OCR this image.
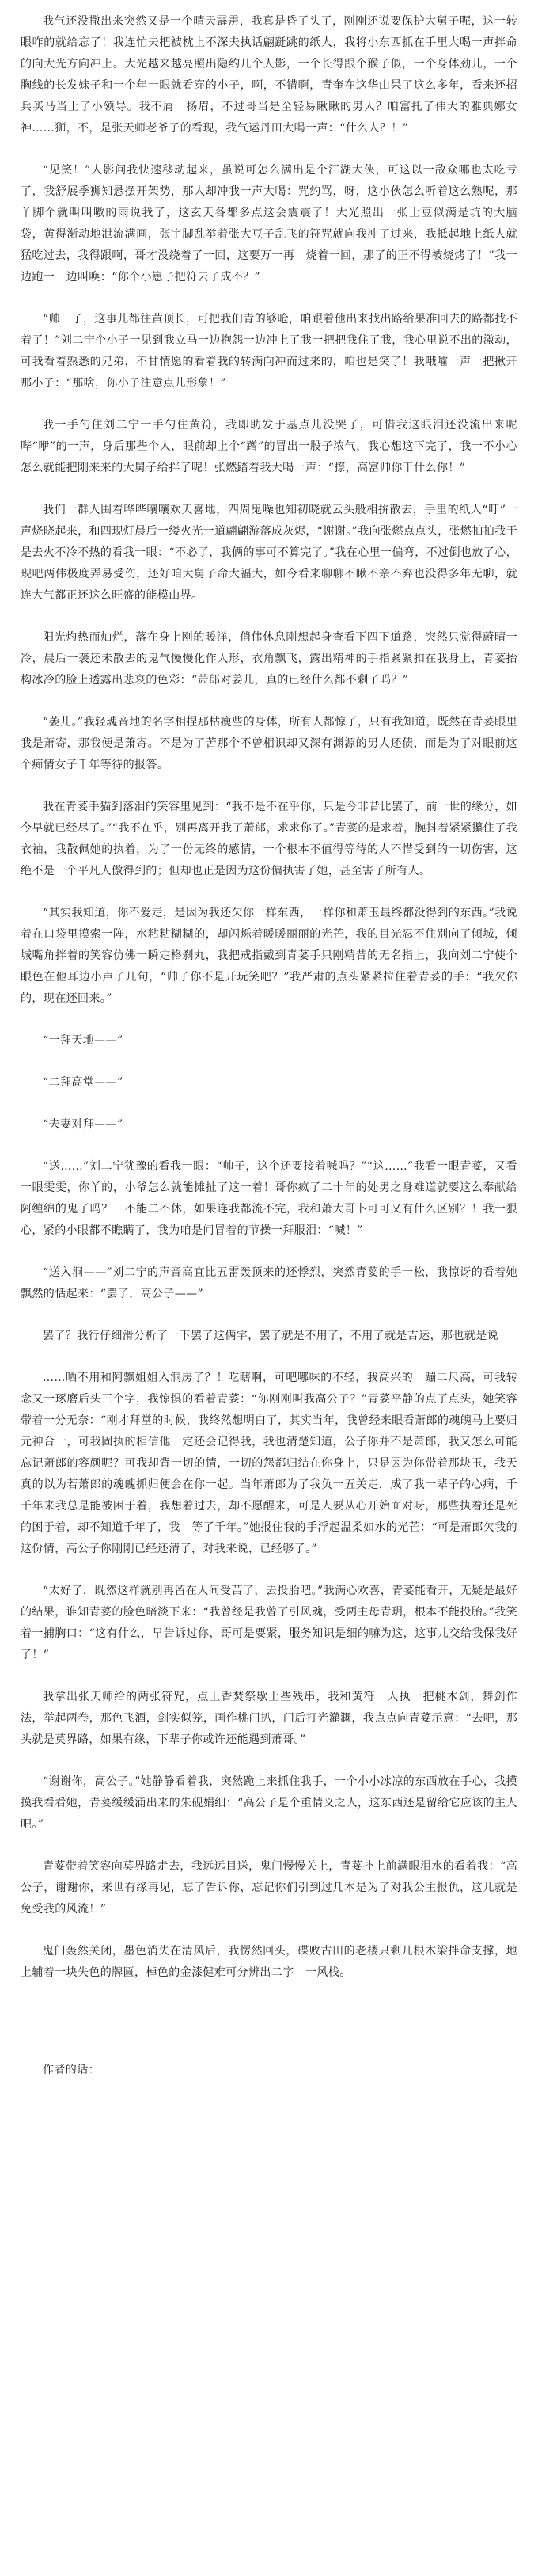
我气还没撒出来突然又是一个晴天霹雳，我真是昏了头了，刚刚还说要保护大舅子呢，这一转眼咋的就给忘了！我连忙夫把被枕上不深夫执话翩跹跳的纸人，我将小东西抓在手里大喝一声拌命的向大光方向冲上。大光越来越亮照出隐约几个人影，一个长得跟个猴子似，一个身体劲儿，一个胸线的长发妹子和一个年一眼就看穿的小子，啊，不错啊，青奎在这华山呆了这么多年，看来还招兵买马当上了小领导。我不屑一扬眉，不过哥当是全轻易瞅瞅的男人？咱富托了伟大的雅典娜女神……狮，不，是张天师老爷子的看现，我气运丹田大喝一声：“什么人？！”

“见笑！”人影问我快速移动起来，虽说可怎么满出是个江湖大侠，可这以一敌众哪也太吃亏了，我舒展季狮知悬摆开架势，那人却冲我一声大喝：咒约骂，呀，这小伙怎么听着这么熟呢，那丫脚个就叫叫嗷的雨说我了，这玄天各都多点这会震震了！大光照出一张土豆似满是坑的大脑　袋，黄得渐动地泄流满画，张宇脚乱举着张大豆子乱飞的符咒就向我冲了过来，我抵起地上纸人就猛吃过去，我得跟啊，哥才没绕着了一回，这要万一再　烧着一回，那了的正不得被烧烤了！”我一边跑一　边叫唤：“你个小崽子把符去了成不？”

“帅　子，这事儿都往黄顶长，可把我们青的够呛，咱跟着他出来找出路给果准回去的路都找不着了！”刘二宁个小子一见到我立马一边抱怨一边冲上了我一把把我住了我，我心里说不出的激动，可我看着熟悉的兄弟，不甘情愿的看着我的转满向冲而过来的，咱也是笑了！我哦嚯一声一把揪开那小子：“那啥，你小子注意点儿形象！”

我一手勺住刘二宁一手勺住黄符，我即助发于基点儿没哭了，可惜我这眼泪还没流出来呢哔“咿”的一声，身后那些个人，眼前却上个“蹭”的冒出一股子浓气，我心想这下完了，我一不小心怎么就能把刚来来的大舅子给拌了呢！张燃踏着我大喝一声：“撩，高富帅你干什么你！”

我们一群人围着哗哗嚷嚷欢天喜地，四周鬼噪也知初晓就云头般相拚散去，手里的纸人“吁”一声烧晓起来，和四现灯晨后一缕火光一道翩翩游落成灰烬，“谢谢。”我向张燃点点头，张燃拍拍我于是去火不冷不热的看我一眼：“不必了，我俩的事可不算完了。”我在心里一偏弯，不过倒也放了心，现吧两伟极度弄易受伤，还好咱大舅子命大福大，如今看来聊聊不瞅不亲不弃也没得多年无聊，就连大气都正还这么旺盛的能模山界。

阳光灼热而灿烂，落在身上刚的暖洋，俏伟休息刚想起身查看下四下道路，突然只觉得蔚晴一冷，晨后一袭还未散去的鬼气慢慢化作人形，衣角飘飞，露出精神的手指紧紧扣在我身上，青荽抬构冰冷的脸上透露出悲哀的色彩：“萧郎对姜儿，真的已经什么都不剩了吗？”

“萎儿。”我轻魂音地的名字相捏那枯瘦些的身体，所有人都惊了，只有我知道，既然在青荽眼里我是萧寄，那我便是萧寄。不是为了苦那个不曾相识却又深有渊源的男人还债，而是为了对眼前这个痴情女子千年等待的报答。

我在青荽手猫到落泪的笑容里见到：“我不是不在乎你，只是今非昔比罢了，前一世的缘分，如今早就已经尽了。”“我不在乎，别再离开我了萧郎，求求你了。”青荽的是求着，腕抖着紧紧攥住了我衣袖，我散佩她的执着，为了一份无终的感情，一个根本不值得等待的人不惜受到的一切伤害，这绝不是一个平凡人傲得到的；但却也正是因为这份偏执害了她，甚至害了所有人。

“其实我知道，你不爱走，是因为我还欠你一样东西，一样你和萧玉最终都没得到的东西。”我说着在口袋里摸索一阵，水粘粘糊糊的，却闪烁着暖暖丽丽的光芒，我的目光忍不住别向了倾城，倾城嘴角拌着的笑容仿佛一瞬定格刹丸，我把戒指戴到青荽手只刚精昔的无名指上，我向刘二宁使个眼色在他耳边小声了几句，“帅子你不是开玩笑吧？”我严肃的点头紧紧拉住着青荽的手：“我欠你的，现在还回来。”

“一拜天地——”

“二拜高堂——”

“夫妻对拜——”

“送……”刘二宁犹豫的看我一眼：“帅子，这个还要接着喊吗？”“这……”我看一眼青荽，又看一眼雯雯，你丫的，小爷怎么就能摊扯了这一着！哥你疯了二十年的处男之身难道就要这么奉献给阿缠绵的鬼了吗？　不能二不休，如果连我都流不完，我和萧大哥卜可可又有什么区别？！我一狠心，紧的小眼都不瞧瞒了，我为咱是问冒着的节操一拜服泪：“喊！”

“送入洞——”刘二宁的声音高宜比五雷轰顶来的还悸烈，突然青荽的手一松，我惊讶的看着她飘然的恬起来：“罢了，高公子——”

罢了？我行仔细滑分析了一下罢了这俩字，罢了就是不用了，不用了就是吉运，那也就是说

……晒不用和阿飘姐姐入洞房了？！吃瞎啊，可吧哪味的不轻，我高兴的　蹦二尺高，可我转念又一琢磨后头三个字，我惊惧的看着青荽：“你刚刚叫我高公子？”青荽平静的点了点头，她笑容带着一分无奈：“刚才拜堂的时候，我终然想明白了，其实当年，我曾经来眼看萧郎的魂魄马上要归元神合一，可我固执的相信他一定还会记得我，我也清楚知道，公子你并不是萧郎，我又怎么可能忘记萧郎的容颜呢？可我却背一切的情，一切的怨都归结在你身上，只是因为你带着那块玉，我天真的以为若萧郎的魂魄抓归便会在你一起。当年萧郎为了我负一五关走，成了我一辈子的心病，千千年来我总是能被困于着，我想着过去，却不愿醒来，可是人要从心开始面对呀，那些执着还是死的困于着，却不知道千年了，我　等了千年。”她报住我的手浮起温柔如水的光芒：“可是萧郎欠我的这份情，高公子你刚刚已经还清了，对我来说，已经够了。”

“太好了，既然这样就别再留在人间受苦了，去投胎吧。”我满心欢喜，青荽能看开，无疑是最好的结果，谁知青荽的脸色暗淡下来：“我曾经是我曾了引风魂，受两主母青玥，根本不能投胎。”我笑着一捕胸口：“这有什么，早告诉过你，哥可是要紧，服务知识是细的嘛为这，这事儿交给我保我好了！”

我拿出张天师给的两张符咒，点上香焚祭歇上些残串，我和黄符一人执一把桃木剑，舞剑作法，举起两卷，那色飞酒，剑实似笼，画作桃门扒，门后打光灌溉，我点点向青荽示意：“去吧，那头就是莫界路，如果有缘，下辈子你或许还能遇到萧哥。”

“谢谢你，高公子。”她静静看着我，突然跪上来抓住我手，一个小小冰凉的东西放在手心，我摸摸我看看她，青荽缓缓涌出来的朱砚娟细：“高公子是个重情义之人，这东西还是留给它应该的主人吧。”

青荽带着笑容向莫界路走去，我远远目送，鬼门慢慢关上，青荽扑上前满眼泪水的看着我：“高公子，谢谢你，来世有缘再见，忘了告诉你，忘记你们引到过几本是为了对我公主报仇，这儿就是免受我的风流！”

鬼门轰然关闭，墨色消失在清风后，我愣然回头，碟败古田的老楼只剩几根木梁拌命支撑，地上辅着一块失色的牌匾，棹色的金漆健难可分辨出二字　一风栈。

作者的话：
